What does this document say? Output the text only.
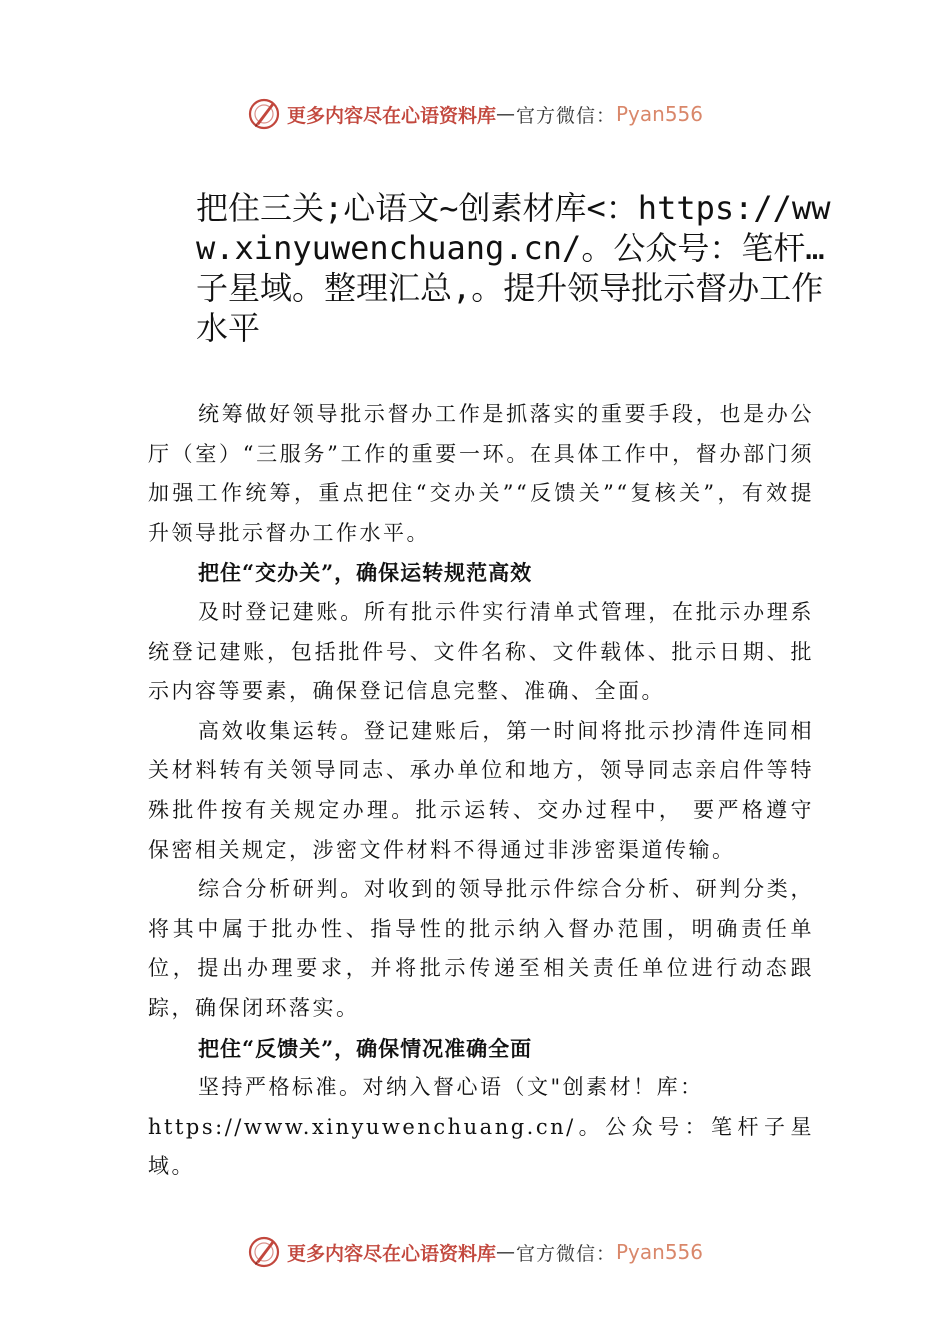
更多内容尽在心语资料库 — 官方微信： Pyan556
把住三关;心语文~创素材库<：https://www.xinyuwenchuang.cn/。公众号：笔杆…子星域。整理汇总,。提升领导批示督办工作水平

统筹做好领导批示督办工作是抓落实的重要手段，也是办公厅（室）“三服务”工作的重要一环。在具体工作中，督办部门须加强工作统筹，重点把住“交办关”“反馈关”“复核关”，有效提升领导批示督办工作水平。

把住“交办关”，确保运转规范高效

及时登记建账。所有批示件实行清单式管理，在批示办理系统登记建账，包括批件号、文件名称、文件载体、批示日期、批示内容等要素，确保登记信息完整、准确、全面。

高效收集运转。登记建账后，第一时间将批示抄清件连同相关材料转有关领导同志、承办单位和地方，领导同志亲启件等特殊批件按有关规定办理。批示运转、交办过程中， 要严格遵守保密相关规定，涉密文件材料不得通过非涉密渠道传输。

综合分析研判。对收到的领导批示件综合分析、研判分类，将其中属于批办性、指导性的批示纳入督办范围，明确责任单位，提出办理要求，并将批示传递至相关责任单位进行动态跟踪，确保闭环落实。

把住“反馈关”，确保情况准确全面

坚持严格标准。对纳入督心语（文"创素材！库：

https://www.xinyuwenchuang.cn/。公众号：笔杆子星域。

更多内容尽在心语资料库 — 官方微信： Pyan556
